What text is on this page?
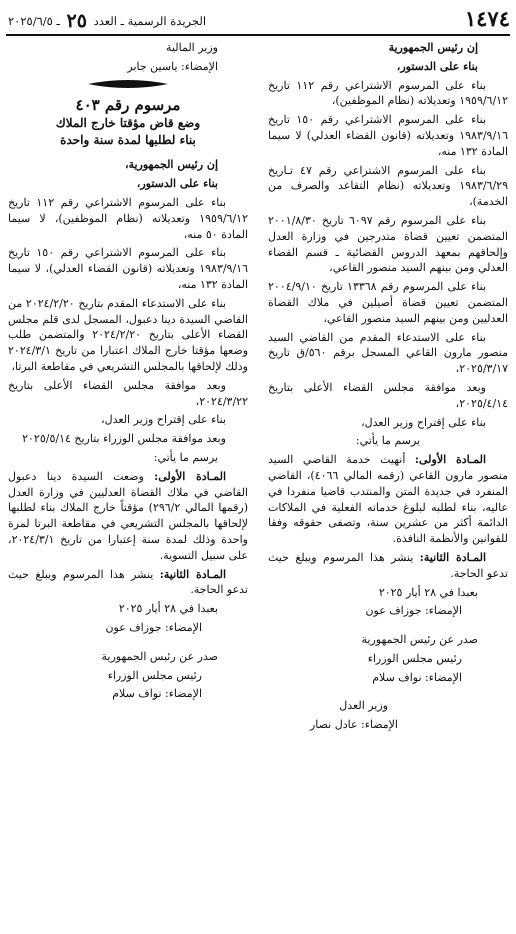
١٤٧٤
الجريدة الرسمية ـ العدد ٢٥ ـ ٢٠٢٥/٦/٥

إن رئيس الجمهورية

بناء على الدستور،

بناء على المرسوم الاشتراعي رقم ١١٢ تاريخ ١٩٥٩/٦/١٢ وتعديلاته (نظام الموظفين)،

بناء على المرسوم الاشتراعي رقم ١٥٠ تاريخ ١٩٨٣/٩/١٦ وتعديلاته (قانون القضاء العدلي) لا سيما المادة ١٣٢ منه،

بناء على المرسوم الاشتراعي رقم ٤٧ تـاريخ ١٩٨٣/٦/٢٩ وتعديلاته (نظام التقاعد والصرف من الخدمة)،

بناء على المرسوم رقم ٦٠٩٧ تاريخ ٢٠٠١/٨/٣٠ المتضمن تعيين قضاة متدرجين في وزارة العدل وإلحاقهم بمعهد الدروس القضائية ـ قسم القضاء العدلي ومن بينهم السيد منصور القاعي،

بناء على المرسوم رقم ١٣٣٦٨ تاريخ ٢٠٠٤/٩/١٠ المتضمن تعيين قضاة أصيلين في ملاك القضاة العدليين ومن بينهم السيد منصور القاعي،

بناء على الاستدعاء المقدم من القاضي السيد منصور مارون القاعي المسجل برقم ٥٦٠/ق تاريخ ٢٠٢٥/٣/١٧،

وبعد موافقة مجلس القضاء الأعلى بتاريخ ٢٠٢٥/٤/١٤،

بناء على إقتراح وزير العدل،

يرسم ما يأتي:

المـادة الأولى: أنهيت خدمة القاضي السيد منصور مارون القاعي (رقمه المالي ٤٠٦٦)، القاضي المنفرد في جديدة المتن والمنتدب قاضيا منفردا في عاليه، بناء لطلبه لبلوغ خدماته الفعلية في الملاكات الدائمة أكثر من عشرين سنة، وتصفى حقوقه وفقا للقوانين والأنظمة النافذة.

المـادة الثانية: ينشر هذا المرسوم ويبلغ حيث تدعو الحاجة.

بعبدا في ٢٨ أيار ٢٠٢٥

الإمضاء: جوزاف عون

صدر عن رئيس الجمهورية

رئيس مجلس الوزراء

الإمضاء: نواف سلام

وزير العدل

الإمضاء: عادل نصار

وزير المالية

الإمضاء: ياسين جابر

مرسوم رقم ٤٠٣
وضع قاض مؤقتا خارج الملاك
بناء لطلبها لمدة سنة واحدة

إن رئيس الجمهورية،

بناء على الدستور،

بناء على المرسوم الاشتراعي رقم ١١٢ تاريخ ١٩٥٩/٦/١٢ وتعديلاته (نظام الموظفين)، لا سيما المادة ٥٠ منه،

بناء على المرسوم الاشتراعي رقم ١٥٠ تاريخ ١٩٨٣/٩/١٦ وتعديلاته (قانون القضاء العدلي)، لا سيما المادة ١٣٢ منه،

بناء على الاستدعاء المقدم بتاريخ ٢٠٢٤/٢/٢٠ من القاضي السيدة دينا دعبول، المسجل لدى قلم مجلس القضاء الأعلى بتاريخ ٢٠٢٤/٢/٢٠ والمتضمن طلب وضعها مؤقتا خارج الملاك اعتبارا من تاريخ ٢٠٢٤/٣/١ وذلك لإلحاقها بالمجلس التشريعي في مقاطعة البرتا،

وبعد موافقة مجلس القضاء الأعلى بتاريخ ٢٠٢٤/٣/٢٢،

بناء على إقتراح وزير العدل،

وبعد موافقة مجلس الوزراء بتاريخ ٢٠٢٥/٥/١٤

يرسم ما يأتي:

المـادة الأولى: وضعت السيدة دينا دعبول القاضي في ملاك القضاة العدليين في وزارة العدل (رقمها المالي ٢٩٦/٢) مؤقتاً خارج الملاك بناء لطلبها لإلحاقها بالمجلس التشريعي في مقاطعة البرتا لمرة واحدة وذلك لمدة سنة إعتبارا من تاريخ ٢٠٢٤/٣/١، على سبيل التسوية.

المـادة الثانية: ينشر هذا المرسوم ويبلغ حيث تدعو الحاجة.

بعبدا في ٢٨ أيار ٢٠٢٥

الإمضاء: جوزاف عون

صدر عن رئيس الجمهورية

رئيس مجلس الوزراء

الإمضاء: نواف سلام
